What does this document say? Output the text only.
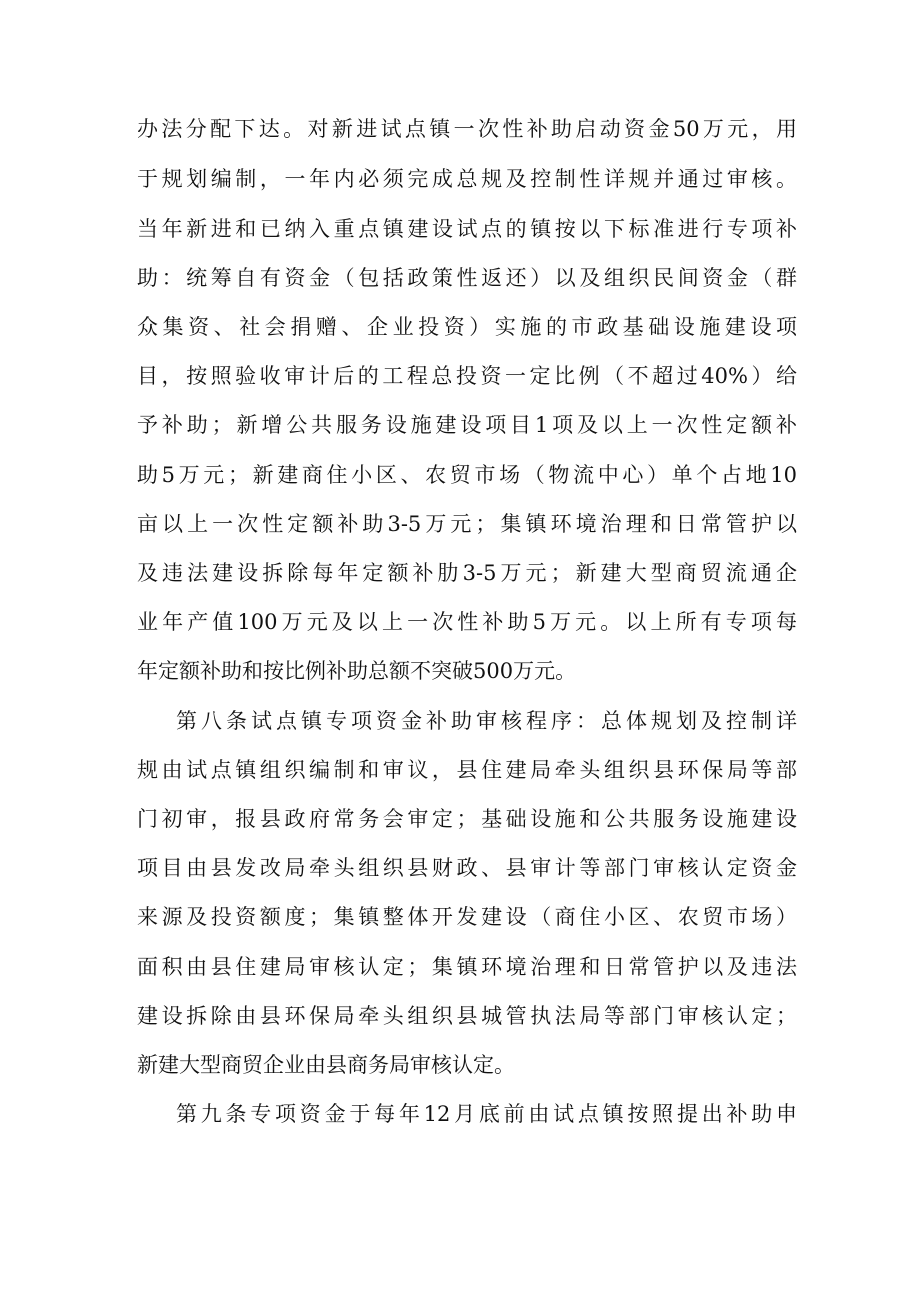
办法分配下达。对新进试点镇一次性补助启动资金50万元，用
于规划编制，一年内必须完成总规及控制性详规并通过审核。
当年新进和已纳入重点镇建设试点的镇按以下标准进行专项补
助：统筹自有资金（包括政策性返还）以及组织民间资金（群
众集资、社会捐赠、企业投资）实施的市政基础设施建设项
目，按照验收审计后的工程总投资一定比例（不超过40%）给
予补助；新增公共服务设施建设项目1项及以上一次性定额补
助5万元；新建商住小区、农贸市场（物流中心）单个占地10
亩以上一次性定额补助3-5万元；集镇环境治理和日常管护以
及违法建设拆除每年定额补肋3-5万元；新建大型商贸流通企
业年产值100万元及以上一次性补助5万元。以上所有专项每
年定额补助和按比例补助总额不突破500万元。
第八条试点镇专项资金补助审核程序：总体规划及控制详
规由试点镇组织编制和审议，县住建局牵头组织县环保局等部
门初审，报县政府常务会审定；基础设施和公共服务设施建设
项目由县发改局牵头组织县财政、县审计等部门审核认定资金
来源及投资额度；集镇整体开发建设（商住小区、农贸市场）
面积由县住建局审核认定；集镇环境治理和日常管护以及违法
建设拆除由县环保局牵头组织县城管执法局等部门审核认定；
新建大型商贸企业由县商务局审核认定。
第九条专项资金于每年12月底前由试点镇按照提出补助申
